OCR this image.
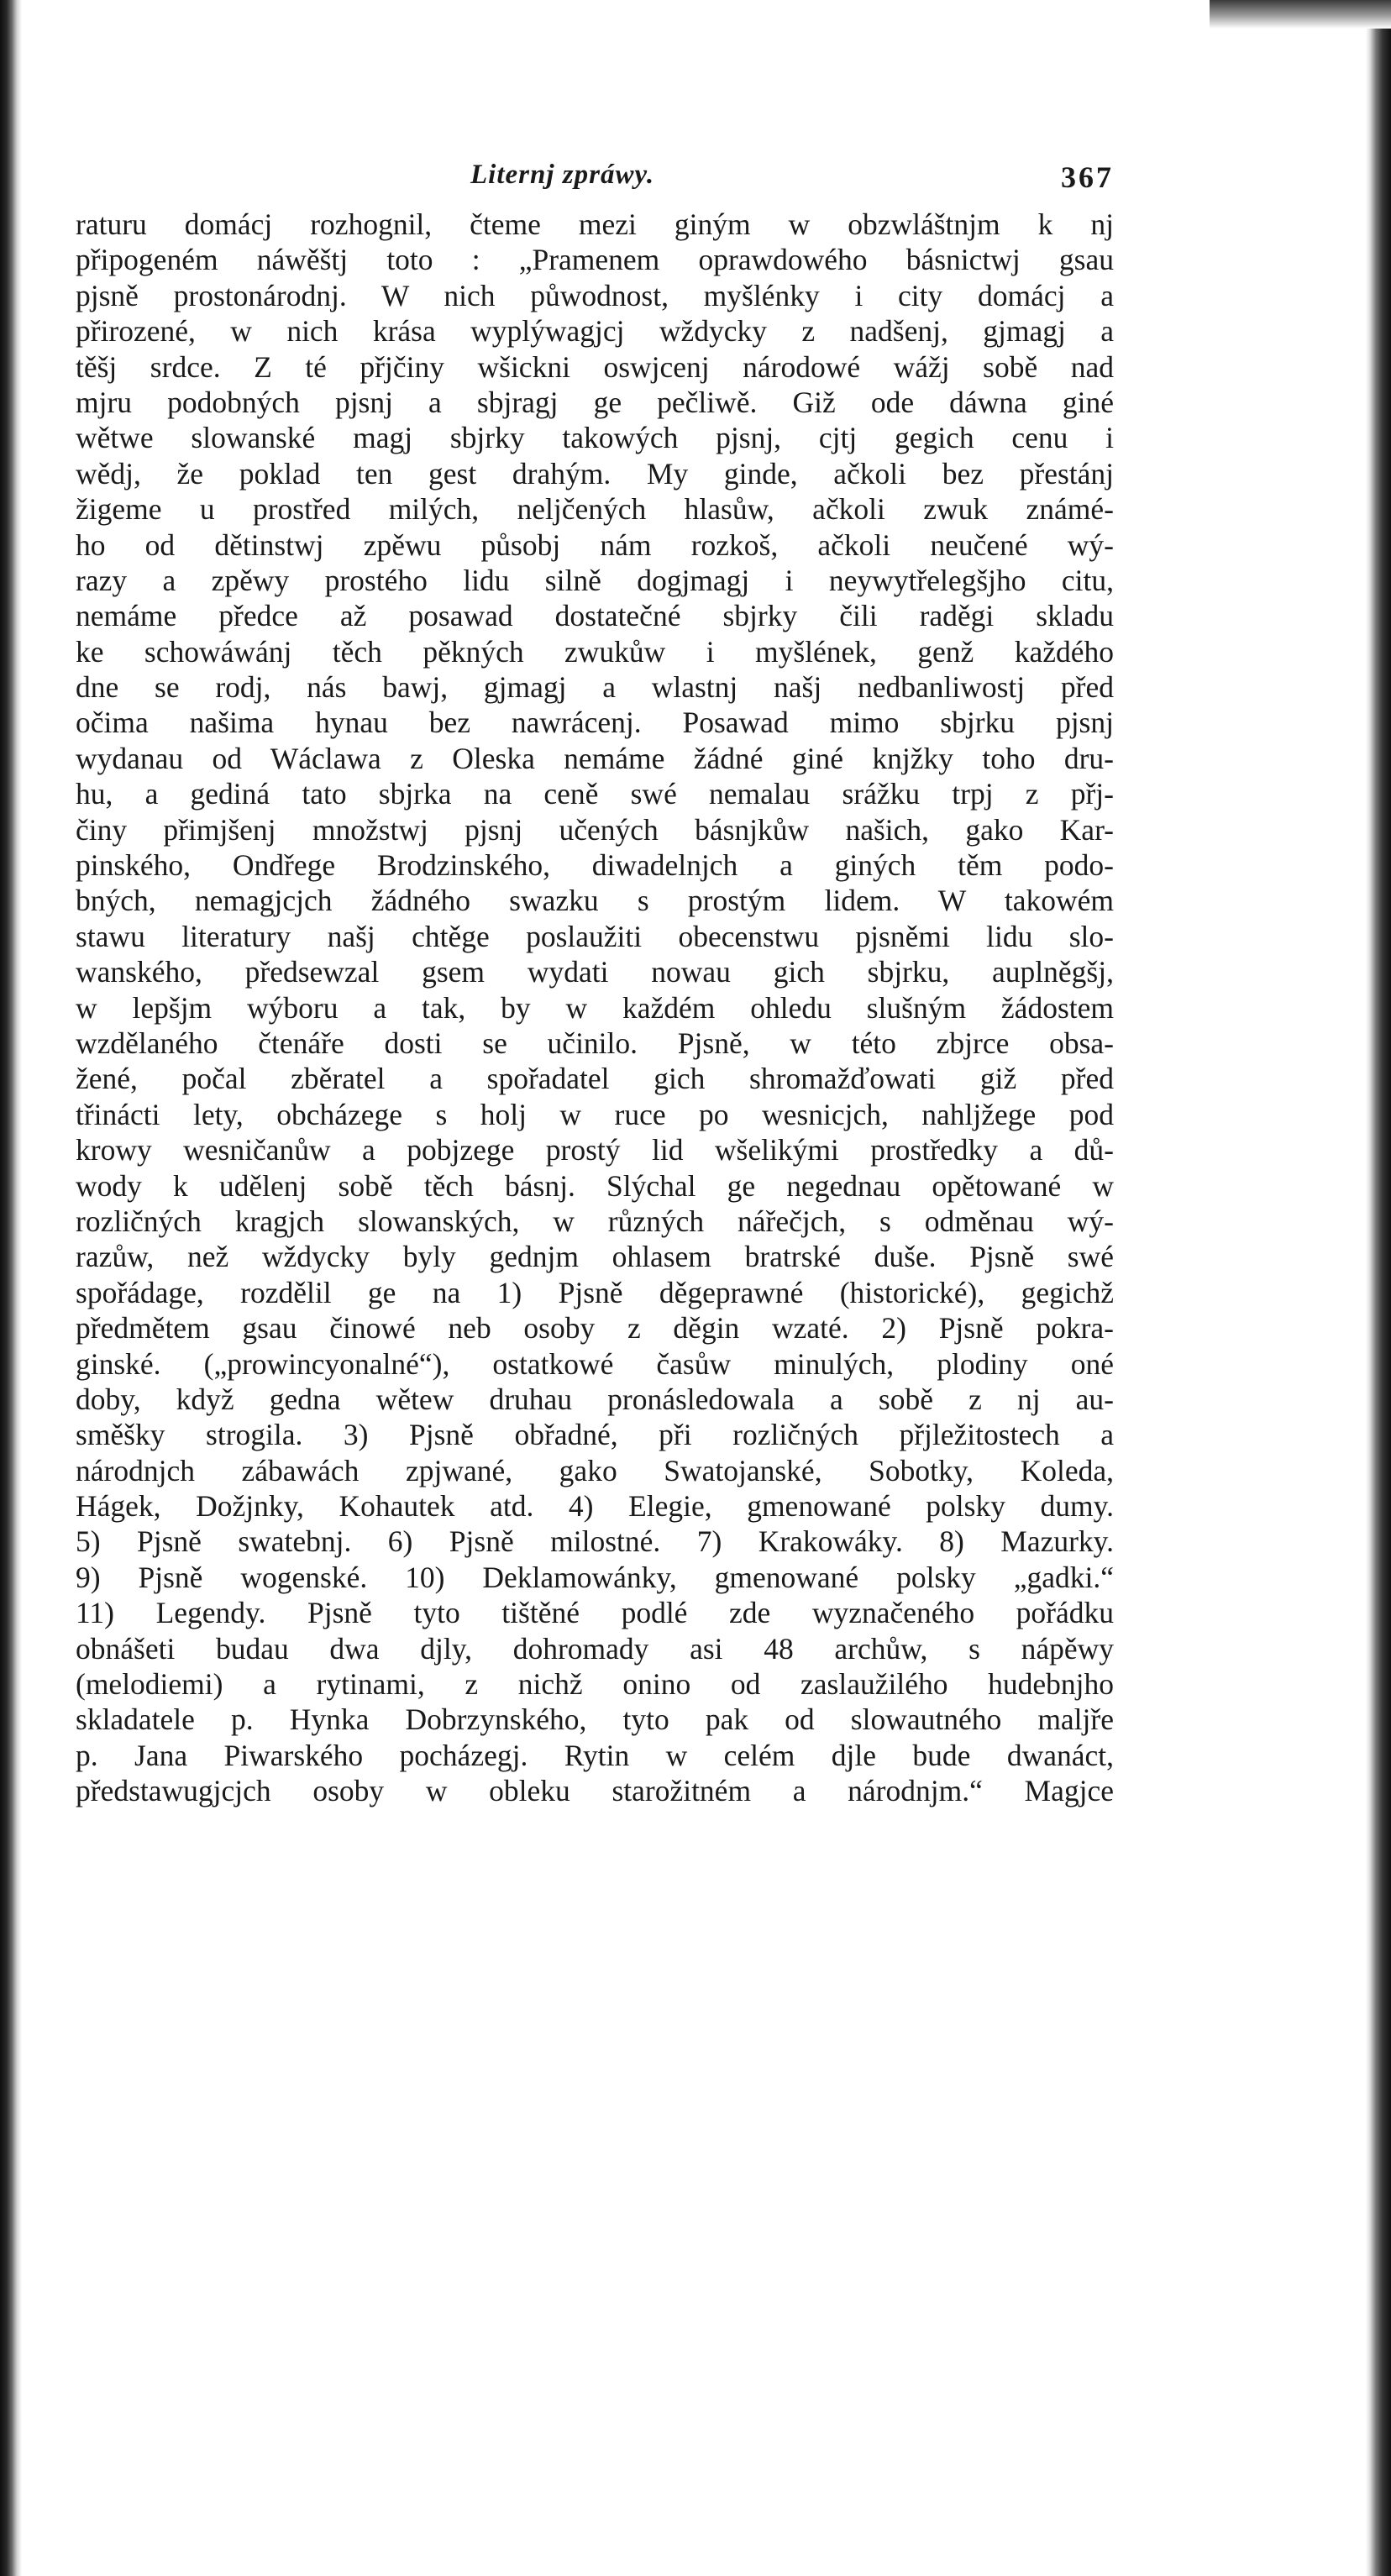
Liternj zpráwy.	367
raturu domácj rozhognil, čteme mezi giným w obzwláštnjm k nj
připogeném náwěštj toto : „Pramenem oprawdowého básnictwj gsau
pjsně prostonárodnj. W nich půwodnost, myšlénky i city domácj a
přirozené, w nich krása wyplýwagjcj wždycky z nadšenj, gjmagj a
těšj srdce. Z té přjčiny wšickni oswjcenj národowé wážj sobě nad
mjru podobných pjsnj a sbjragj ge pečliwě. Giž ode dáwna giné
wětwe slowanské magj sbjrky takowých pjsnj, cjtj gegich cenu i
wědj, že poklad ten gest drahým. My ginde, ačkoli bez přestánj
žigeme u prostřed milých, neljčených hlasůw, ačkoli zwuk známé-
ho od dětinstwj zpěwu působj nám rozkoš, ačkoli neučené wý-
razy a zpěwy prostého lidu silně dogjmagj i neywytřelegšjho citu,
nemáme předce až posawad dostatečné sbjrky čili raděgi skladu
ke schowáwánj těch pěkných zwukůw i myšlének, genž každého
dne se rodj, nás bawj, gjmagj a wlastnj našj nedbanliwostj před
očima našima hynau bez nawrácenj. Posawad mimo sbjrku pjsnj
wydanau od Wáclawa z Oleska nemáme žádné giné knjžky toho dru-
hu, a gediná tato sbjrka na ceně swé nemalau srážku trpj z přj-
činy přimjšenj množstwj pjsnj učených básnjkůw našich, gako Kar-
pinského, Ondřege Brodzinského, diwadelnjch a giných těm podo-
bných, nemagjcjch žádného swazku s prostým lidem. W takowém
stawu literatury našj chtěge poslaužiti obecenstwu pjsněmi lidu slo-
wanského, předsewzal gsem wydati nowau gich sbjrku, auplněgšj,
w lepšjm wýboru a tak, by w každém ohledu slušným žádostem
wzdělaného čtenáře dosti se učinilo. Pjsně, w této zbjrce obsa-
žené, počal zběratel a spořadatel gich shromažďowati giž před
třinácti lety, obcházege s holj w ruce po wesnicjch, nahljžege pod
krowy wesničanůw a pobjzege prostý lid wšelikými prostředky a dů-
wody k udělenj sobě těch básnj. Slýchal ge negednau opětowané w
rozličných kragjch slowanských, w různých nářečjch, s odměnau wý-
razůw, než wždycky byly gednjm ohlasem bratrské duše. Pjsně swé
spořádage, rozdělil ge na 1) Pjsně děgeprawné (historické), gegichž
předmětem gsau činowé neb osoby z děgin wzaté. 2) Pjsně pokra-
ginské. („prowincyonalné“), ostatkowé časůw minulých, plodiny oné
doby, když gedna wětew druhau pronásledowala a sobě z nj au-
směšky strogila. 3) Pjsně obřadné, při rozličných přjležitostech a
národnjch zábawách zpjwané, gako Swatojanské, Sobotky, Koleda,
Hágek, Dožjnky, Kohautek atd. 4) Elegie, gmenowané polsky dumy.
5) Pjsně swatebnj. 6) Pjsně milostné. 7) Krakowáky. 8) Mazurky.
9) Pjsně wogenské. 10) Deklamowánky, gmenowané polsky „gadki.“
11) Legendy. Pjsně tyto tištěné podlé zde wyznačeného pořádku
obnášeti budau dwa djly, dohromady asi 48 archůw, s nápěwy
(melodiemi) a rytinami, z nichž onino od zaslaužilého hudebnjho
skladatele p. Hynka Dobrzynského, tyto pak od slowautného maljře
p. Jana Piwarského pocházegj. Rytin w celém djle bude dwanáct,
předstawugjcjch osoby w obleku starožitném a národnjm.“ Magjce
